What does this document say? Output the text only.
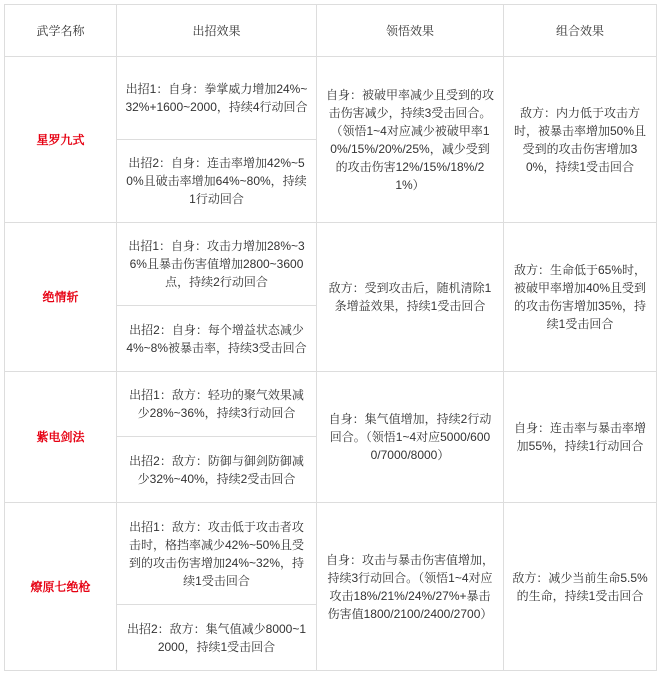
武学名称	出招效果	领悟效果	组合效果
星罗九式	出招1：自身：拳掌威力增加24%~32%+1600~2000，持续4行动回合	自身：被破甲率减少且受到的攻击伤害减少，持续3受击回合。（领悟1~4对应减少被破甲率10%/15%/20%/25%，减少受到的攻击伤害12%/15%/18%/21%）	敌方：内力低于攻击方时，被暴击率增加50%且受到的攻击伤害增加30%，持续1受击回合
	出招2：自身：连击率增加42%~50%且破击率增加64%~80%，持续1行动回合		
绝情斩	出招1：自身：攻击力增加28%~36%且暴击伤害值增加2800~3600点，持续2行动回合	敌方：受到攻击后，随机清除1条增益效果，持续1受击回合	敌方：生命低于65%时，被破甲率增加40%且受到的攻击伤害增加35%，持续1受击回合
	出招2：自身：每个增益状态减少4%~8%被暴击率，持续3受击回合		
紫电剑法	出招1：敌方：轻功的聚气效果减少28%~36%，持续3行动回合	自身：集气值增加，持续2行动回合。（领悟1~4对应5000/6000/7000/8000）	自身：连击率与暴击率增加55%，持续1行动回合
	出招2：敌方：防御与御剑防御减少32%~40%，持续2受击回合		
燎原七绝枪	出招1：敌方：攻击低于攻击者攻击时，格挡率减少42%~50%且受到的攻击伤害增加24%~32%，持续1受击回合	自身：攻击与暴击伤害值增加，持续3行动回合。（领悟1~4对应攻击18%/21%/24%/27%+暴击伤害值1800/2100/2400/2700）	敌方：减少当前生命5.5%的生命，持续1受击回合
	出招2：敌方：集气值减少8000~12000，持续1受击回合		
